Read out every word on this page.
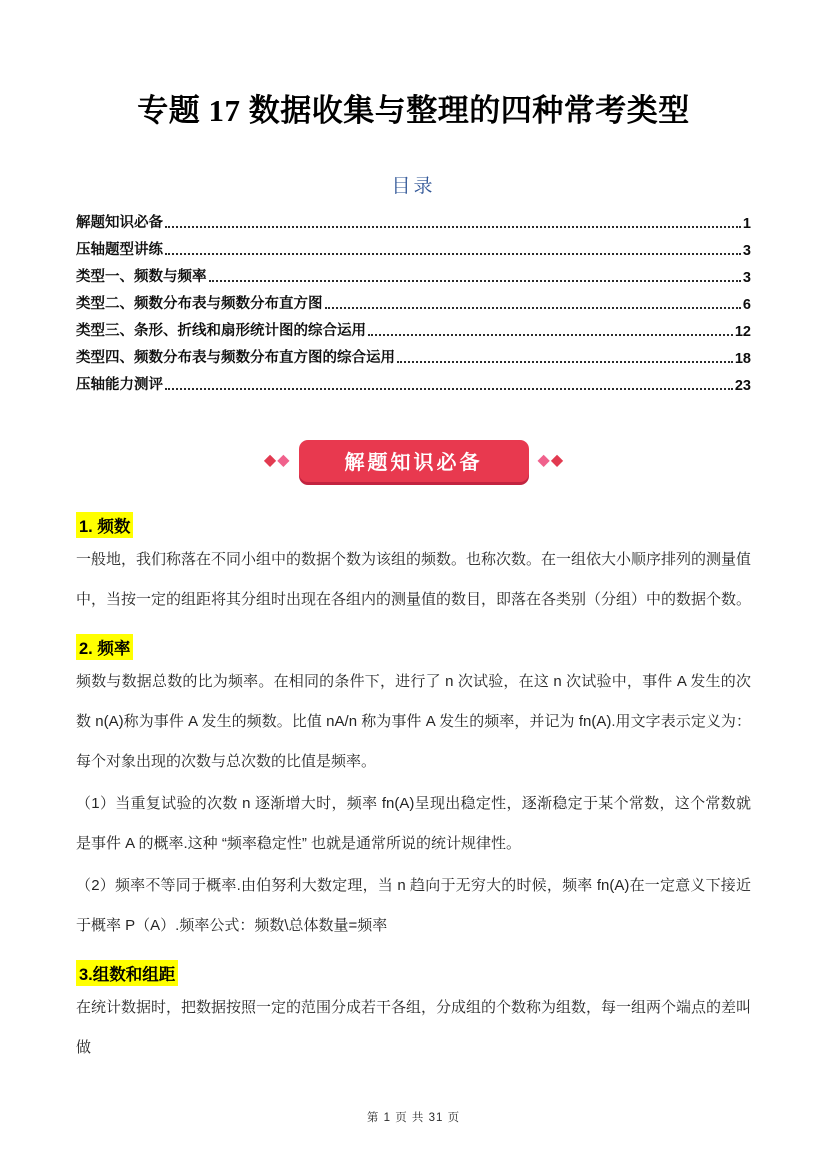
专题 17 数据收集与整理的四种常考类型
目录
解题知识必备	1
压轴题型讲练	3
类型一、频数与频率	3
类型二、频数分布表与频数分布直方图	6
类型三、条形、折线和扇形统计图的综合运用	12
类型四、频数分布表与频数分布直方图的综合运用	18
压轴能力测评	23
◆ ◆	解题知识必备	◆ ◆
1. 频数

一般地，我们称落在不同小组中的数据个数为该组的频数。也称次数。在一组依大小顺序排列的测量值中，当按一定的组距将其分组时出现在各组内的测量值的数目，即落在各类别（分组）中的数据个数。

2. 频率

频数与数据总数的比为频率。在相同的条件下，进行了 n 次试验，在这 n 次试验中，事件 A 发生的次数 n(A)称为事件 A 发生的频数。比值 nA/n 称为事件 A 发生的频率，并记为 fn(A).用文字表示定义为：每个对象出现的次数与总次数的比值是频率。

（1）当重复试验的次数 n 逐渐增大时，频率 fn(A)呈现出稳定性，逐渐稳定于某个常数，这个常数就是事件 A 的概率.这种 “频率稳定性” 也就是通常所说的统计规律性。

（2）频率不等同于概率.由伯努利大数定理，当 n 趋向于无穷大的时候，频率 fn(A)在一定意义下接近于概率 P（A）.频率公式：频数\总体数量=频率

3.组数和组距

在统计数据时，把数据按照一定的范围分成若干各组，分成组的个数称为组数，每一组两个端点的差叫做

第 1 页 共 31 页
